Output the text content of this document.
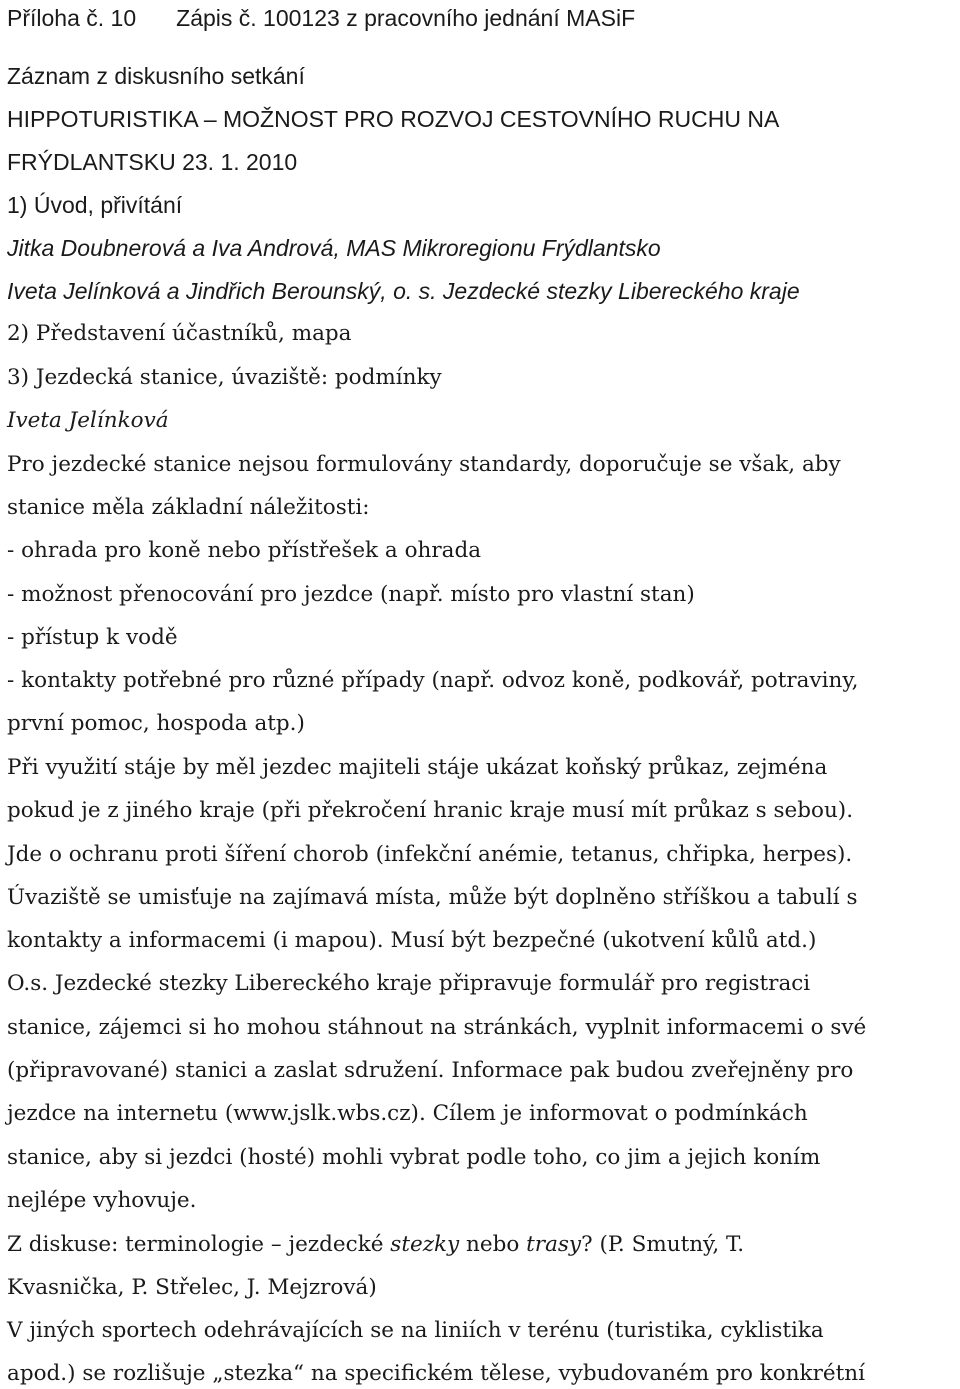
Příloha č. 10 Zápis č. 100123 z pracovního jednání MASiF
Záznam z diskusního setkání
HIPPOTURISTIKA – MOŽNOST PRO ROZVOJ CESTOVNÍHO RUCHU NA
FRÝDLANTSKU 23. 1. 2010
1) Úvod, přivítání
Jitka Doubnerová a Iva Andrová, MAS Mikroregionu Frýdlantsko
Iveta Jelínková a Jindřich Berounský, o. s. Jezdecké stezky Libereckého kraje
2) Představení účastníků, mapa
3) Jezdecká stanice, úvaziště: podmínky
Iveta Jelínková
Pro jezdecké stanice nejsou formulovány standardy, doporučuje se však, aby
stanice měla základní náležitosti:
- ohrada pro koně nebo přístřešek a ohrada
- možnost přenocování pro jezdce (např. místo pro vlastní stan)
- přístup k vodě
- kontakty potřebné pro různé případy (např. odvoz koně, podkovář, potraviny,
první pomoc, hospoda atp.)
Při využití stáje by měl jezdec majiteli stáje ukázat koňský průkaz, zejména
pokud je z jiného kraje (při překročení hranic kraje musí mít průkaz s sebou).
Jde o ochranu proti šíření chorob (infekční anémie, tetanus, chřipka, herpes).
Úvaziště se umisťuje na zajímavá místa, může být doplněno stříškou a tabulí s
kontakty a informacemi (i mapou). Musí být bezpečné (ukotvení kůlů atd.)
O.s. Jezdecké stezky Libereckého kraje připravuje formulář pro registraci
stanice, zájemci si ho mohou stáhnout na stránkách, vyplnit informacemi o své
(připravované) stanici a zaslat sdružení. Informace pak budou zveřejněny pro
jezdce na internetu (www.jslk.wbs.cz). Cílem je informovat o podmínkách
stanice, aby si jezdci (hosté) mohli vybrat podle toho, co jim a jejich koním
nejlépe vyhovuje.
Z diskuse: terminologie – jezdecké stezky nebo trasy? (P. Smutný, T.
Kvasnička, P. Střelec, J. Mejzrová)
V jiných sportech odehrávajících se na liniích v terénu (turistika, cyklistika
apod.) se rozlišuje „stezka“ na specifickém tělese, vybudovaném pro konkrétní
